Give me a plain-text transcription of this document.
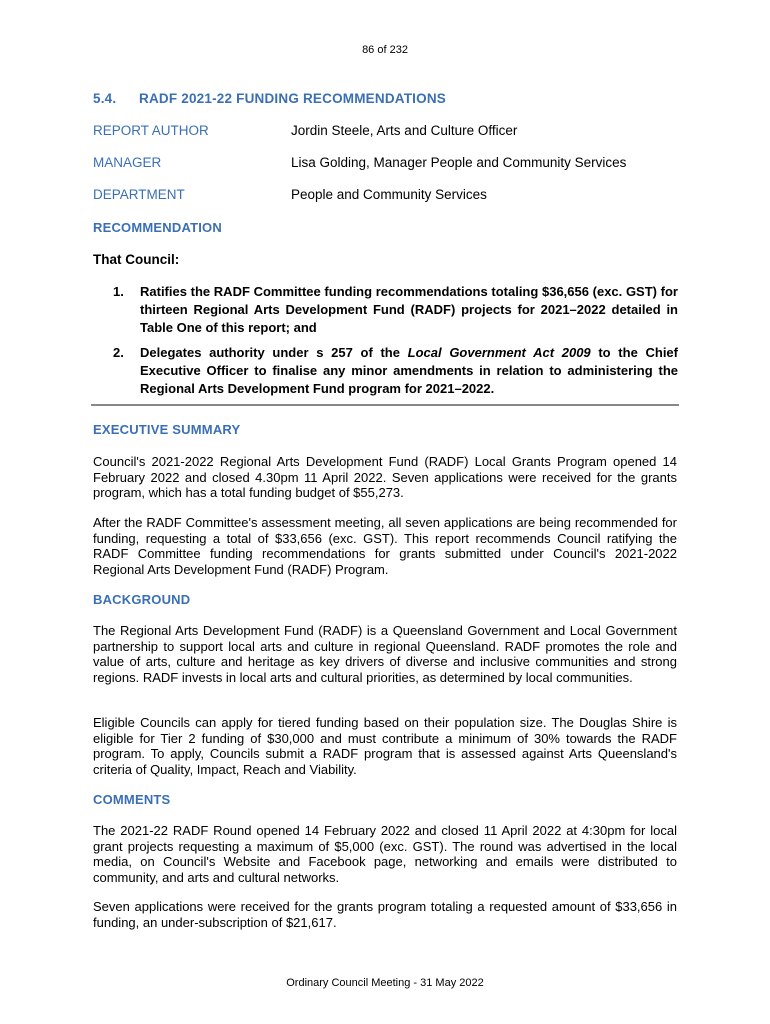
86 of 232
5.4. RADF 2021-22 FUNDING RECOMMENDATIONS
REPORT AUTHOR	Jordin Steele, Arts and Culture Officer
MANAGER	Lisa Golding, Manager People and Community Services
DEPARTMENT	People and Community Services
RECOMMENDATION
That Council:
1. Ratifies the RADF Committee funding recommendations totaling $36,656 (exc. GST) for thirteen Regional Arts Development Fund (RADF) projects for 2021–2022 detailed in Table One of this report; and
2. Delegates authority under s 257 of the Local Government Act 2009 to the Chief Executive Officer to finalise any minor amendments in relation to administering the Regional Arts Development Fund program for 2021–2022.
EXECUTIVE SUMMARY
Council's 2021-2022 Regional Arts Development Fund (RADF) Local Grants Program opened 14 February 2022 and closed 4.30pm 11 April 2022. Seven applications were received for the grants program, which has a total funding budget of $55,273.
After the RADF Committee's assessment meeting, all seven applications are being recommended for funding, requesting a total of $33,656 (exc. GST). This report recommends Council ratifying the RADF Committee funding recommendations for grants submitted under Council's 2021-2022 Regional Arts Development Fund (RADF) Program.
BACKGROUND
The Regional Arts Development Fund (RADF) is a Queensland Government and Local Government partnership to support local arts and culture in regional Queensland. RADF promotes the role and value of arts, culture and heritage as key drivers of diverse and inclusive communities and strong regions. RADF invests in local arts and cultural priorities, as determined by local communities.
Eligible Councils can apply for tiered funding based on their population size. The Douglas Shire is eligible for Tier 2 funding of $30,000 and must contribute a minimum of 30% towards the RADF program. To apply, Councils submit a RADF program that is assessed against Arts Queensland's criteria of Quality, Impact, Reach and Viability.
COMMENTS
The 2021-22 RADF Round opened 14 February 2022 and closed 11 April 2022 at 4:30pm for local grant projects requesting a maximum of $5,000 (exc. GST). The round was advertised in the local media, on Council's Website and Facebook page, networking and emails were distributed to community, and arts and cultural networks.
Seven applications were received for the grants program totaling a requested amount of $33,656 in funding, an under-subscription of $21,617.
Ordinary Council Meeting - 31 May 2022
